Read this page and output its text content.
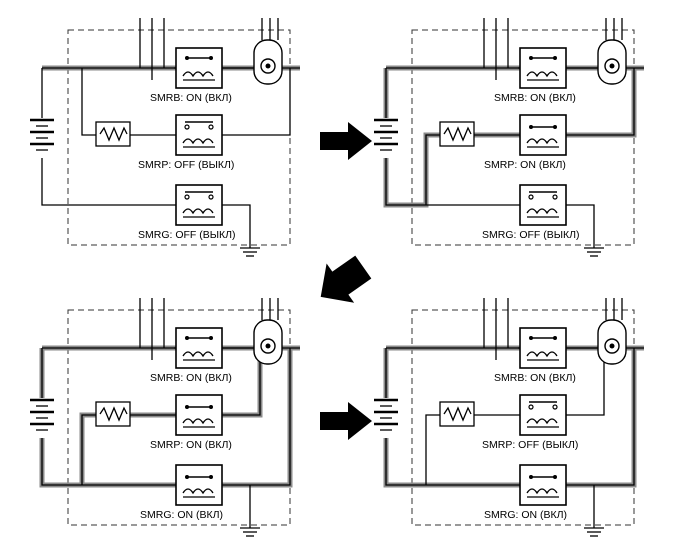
SMRB: ON (ВКЛ)
SMRP: OFF (ВЫКЛ)
SMRG: OFF (ВЫКЛ)
SMRB: ON (ВКЛ)
SMRP: ON (ВКЛ)
SMRG: OFF (ВЫКЛ)
SMRB: ON (ВКЛ)
SMRP: ON (ВКЛ)
SMRG: ON (ВКЛ)
SMRB: ON (ВКЛ)
SMRP: OFF (ВЫКЛ)
SMRG: ON (ВКЛ)
